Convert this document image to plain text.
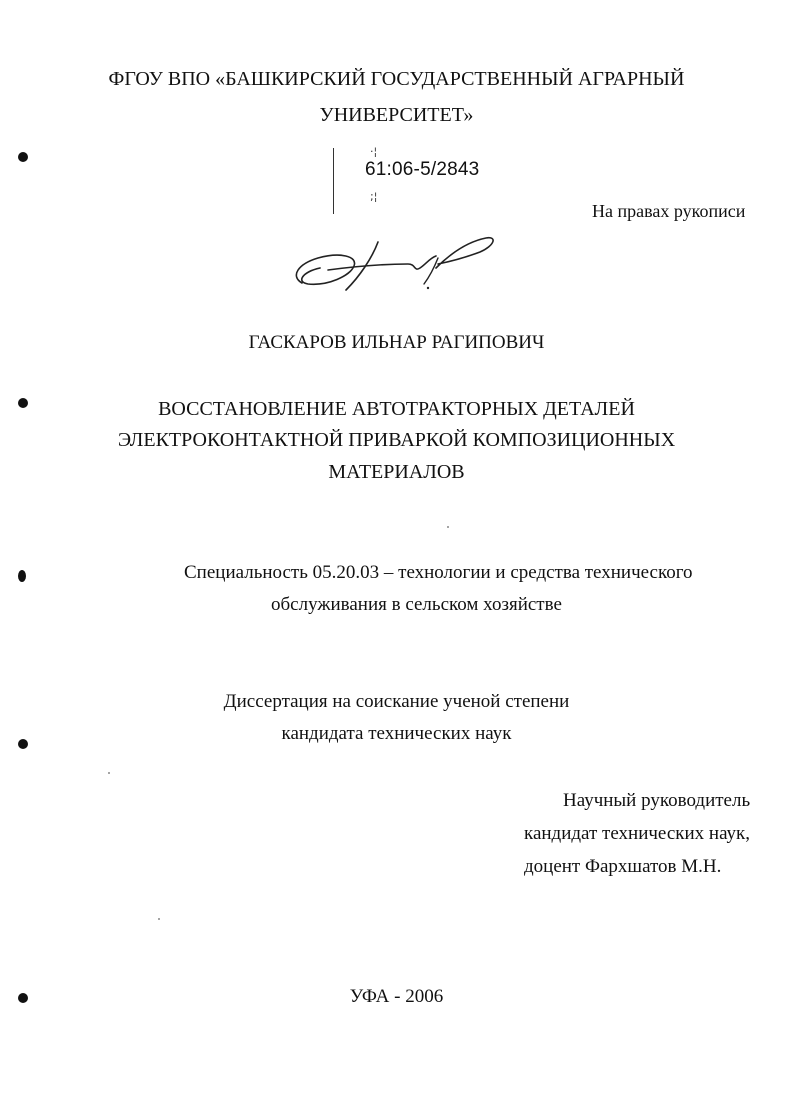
ФГОУ ВПО «БАШКИРСКИЙ ГОСУДАРСТВЕННЫЙ АГРАРНЫЙ
УНИВЕРСИТЕТ»
·¦
;¦
61:06-5/2843
На правах рукописи
ГАСКАРОВ ИЛЬНАР РАГИПОВИЧ
ВОССТАНОВЛЕНИЕ АВТОТРАКТОРНЫХ ДЕТАЛЕЙ
ЭЛЕКТРОКОНТАКТНОЙ ПРИВАРКОЙ КОМПОЗИЦИОННЫХ
МАТЕРИАЛОВ
Специальность 05.20.03 – технологии и средства технического
обслуживания в сельском хозяйстве
Диссертация на соискание ученой степени
кандидата технических наук
Научный руководитель
кандидат технических наук,
доцент Фархшатов М.Н.
УФА - 2006
